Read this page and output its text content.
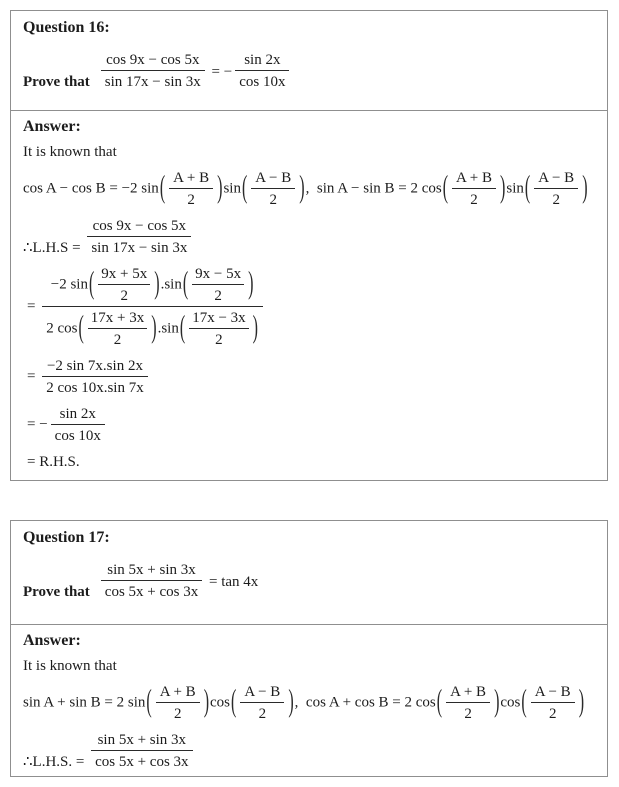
Question 16:
Prove that $\frac{\cos 9x - \cos 5x}{\sin 17x - \sin 3x}$ = − $\frac{\sin 2x}{\cos 10x}$
Answer:
It is known that
cos A − cos B = −2 $\sin( \frac{A + B}{2} )\sin( \frac{A - B}{2}$ ),  sin A − sin B = 2 $\cos( \frac{A + B}{2} )\sin( \frac{A - B}{2}$ )
∴L.H.S = $\frac{\cos 9x - \cos 5x}{\sin 17x - \sin 3x}$
= $\frac{-2 \sin( \frac{9x + 5x}{2} ).\sin( \frac{9x - 5x}{2} )}{2 \cos( \frac{17x + 3x}{2} ).\sin( \frac{17x - 3x}{2} )}$
= $\frac{-2 \sin 7x.\sin 2x}{2 \cos 10x.\sin 7x}$
= − $\frac{\sin 2x}{\cos 10x}$
= R.H.S.
Question 17:
Prove that $\frac{\sin 5x + \sin 3x}{\cos 5x + \cos 3x} = \tan 4x$
Answer:
It is known that
sin A + sin B = 2 $\sin( \frac{A + B}{2} )\cos( \frac{A - B}{2}$ ),  cos A + cos B = 2 $\cos( \frac{A + B}{2} )\cos( \frac{A - B}{2}$ )
∴L.H.S. = $\frac{\sin 5x + \sin 3x}{\cos 5x + \cos 3x}$
